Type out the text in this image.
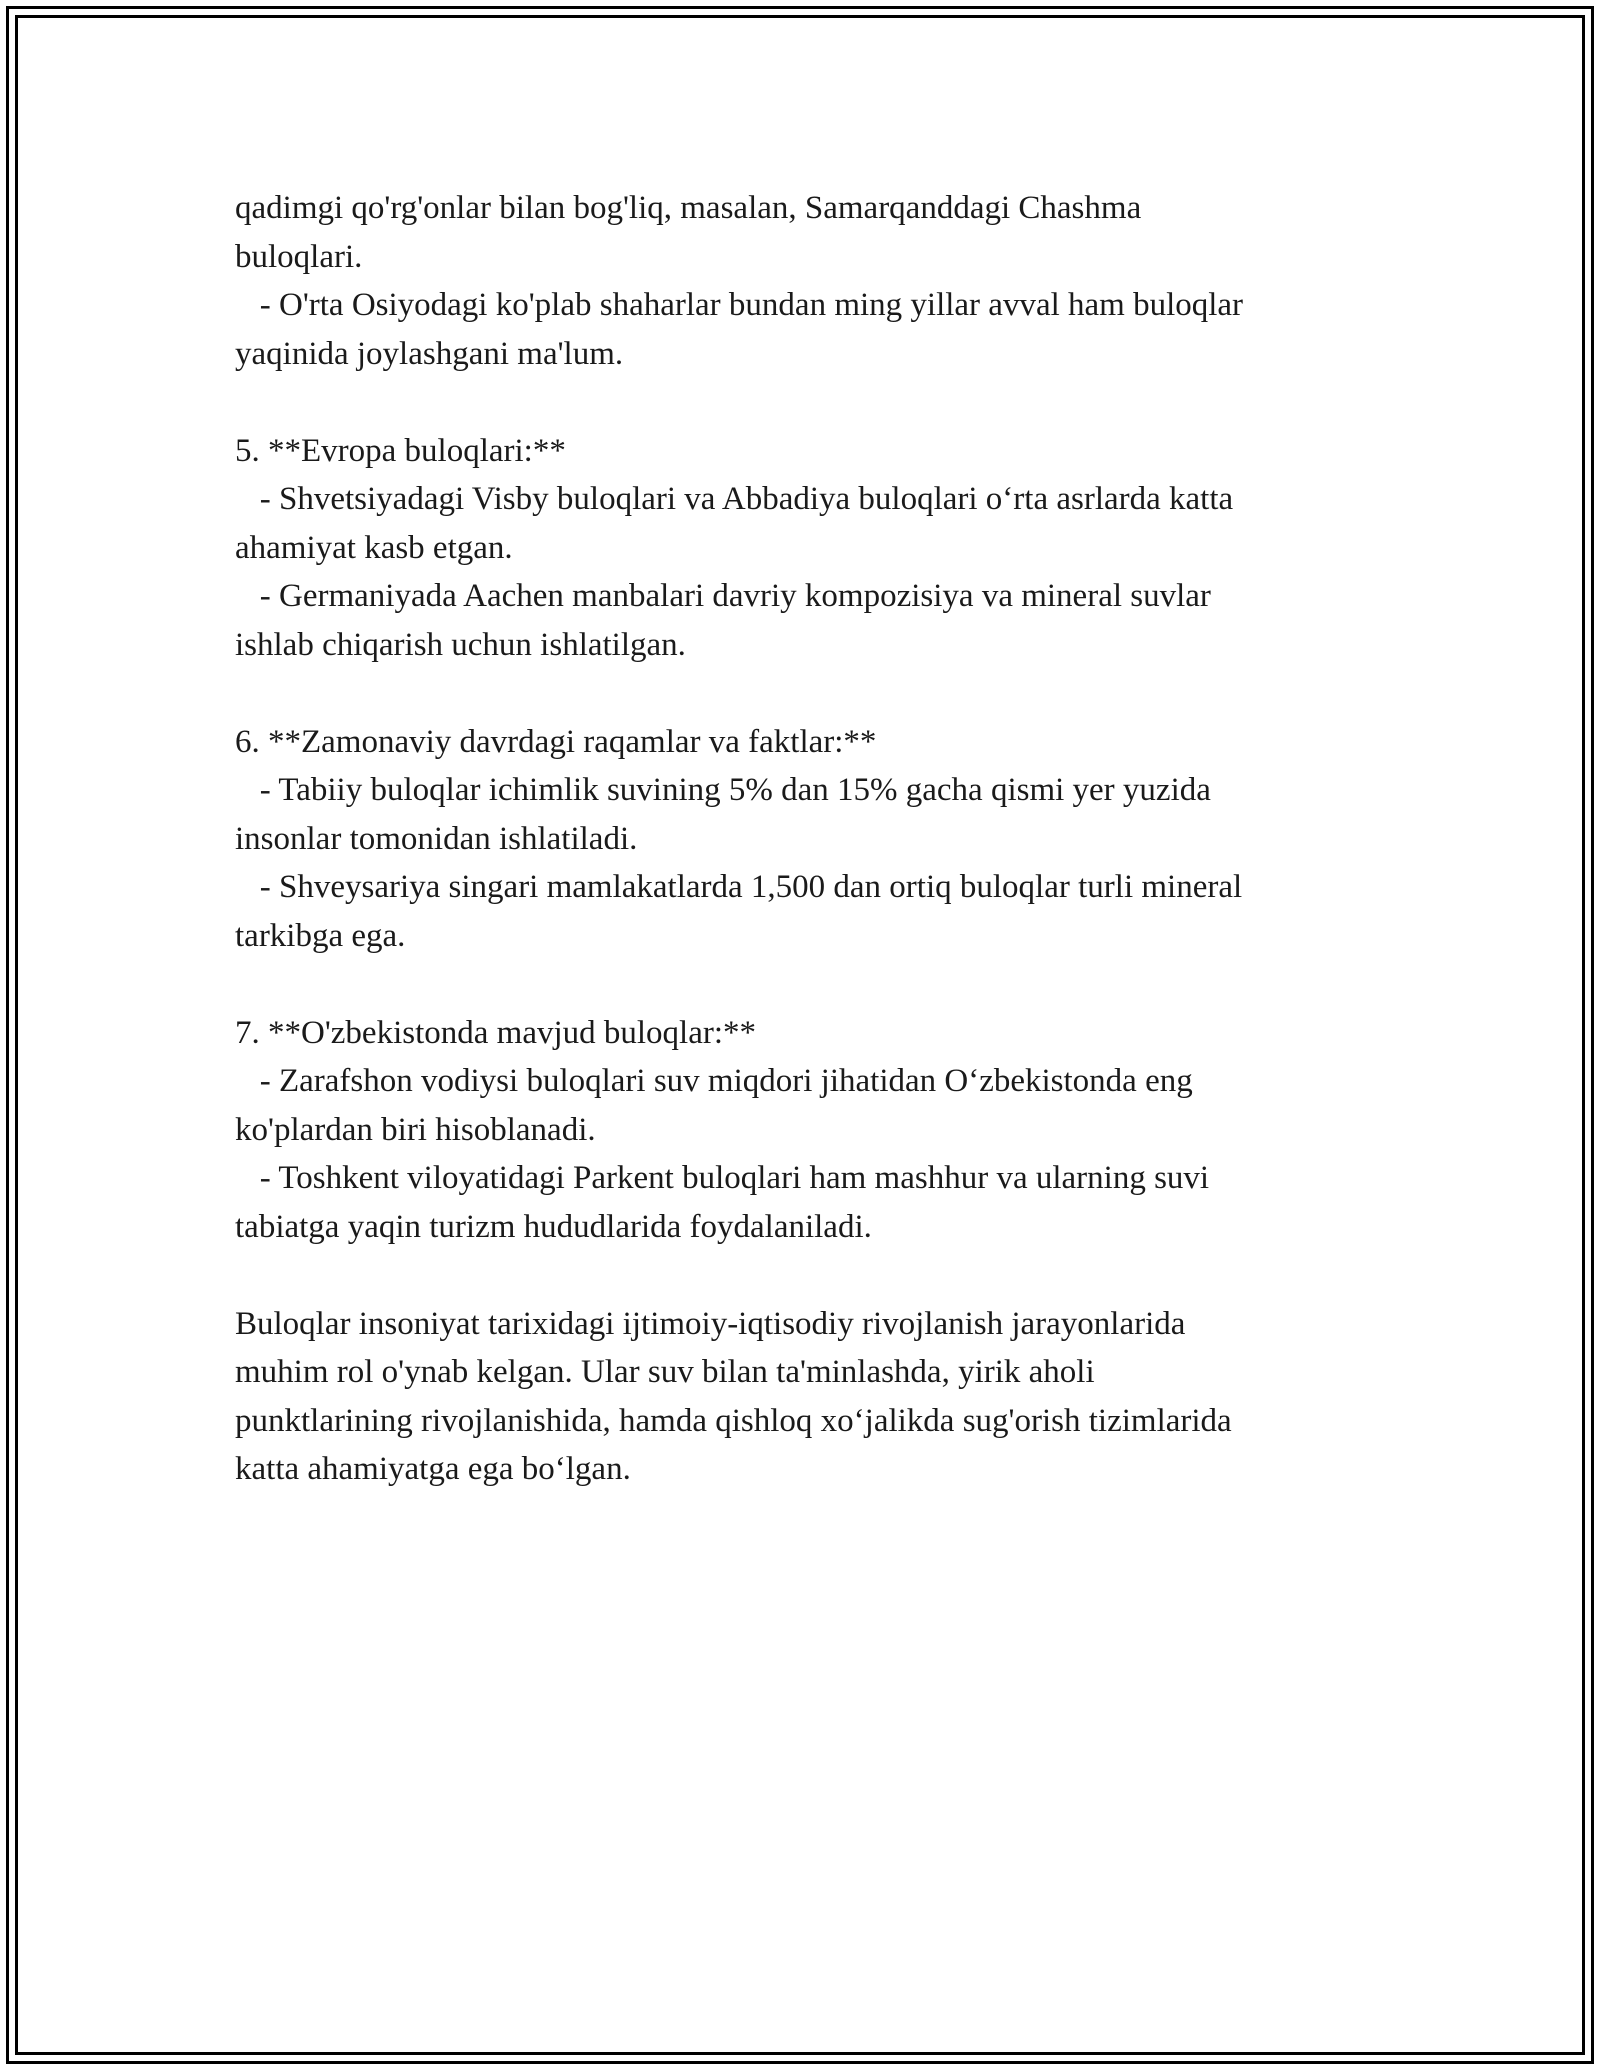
qadimgi qo'rg'onlar bilan bog'liq, masalan, Samarqanddagi Chashma
buloqlari.
- O'rta Osiyodagi ko'plab shaharlar bundan ming yillar avval ham buloqlar
yaqinida joylashgani ma'lum.
5. **Evropa buloqlari:**
- Shvetsiyadagi Visby buloqlari va Abbadiya buloqlari o‘rta asrlarda katta
ahamiyat kasb etgan.
- Germaniyada Aachen manbalari davriy kompozisiya va mineral suvlar
ishlab chiqarish uchun ishlatilgan.
6. **Zamonaviy davrdagi raqamlar va faktlar:**
- Tabiiy buloqlar ichimlik suvining 5% dan 15% gacha qismi yer yuzida
insonlar tomonidan ishlatiladi.
- Shveysariya singari mamlakatlarda 1,500 dan ortiq buloqlar turli mineral
tarkibga ega.
7. **O'zbekistonda mavjud buloqlar:**
- Zarafshon vodiysi buloqlari suv miqdori jihatidan O‘zbekistonda eng
ko'plardan biri hisoblanadi.
- Toshkent viloyatidagi Parkent buloqlari ham mashhur va ularning suvi
tabiatga yaqin turizm hududlarida foydalaniladi.
Buloqlar insoniyat tarixidagi ijtimoiy-iqtisodiy rivojlanish jarayonlarida
muhim rol o'ynab kelgan. Ular suv bilan ta'minlashda, yirik aholi
punktlarining rivojlanishida, hamda qishloq xo‘jalikda sug'orish tizimlarida
katta ahamiyatga ega bo‘lgan.
